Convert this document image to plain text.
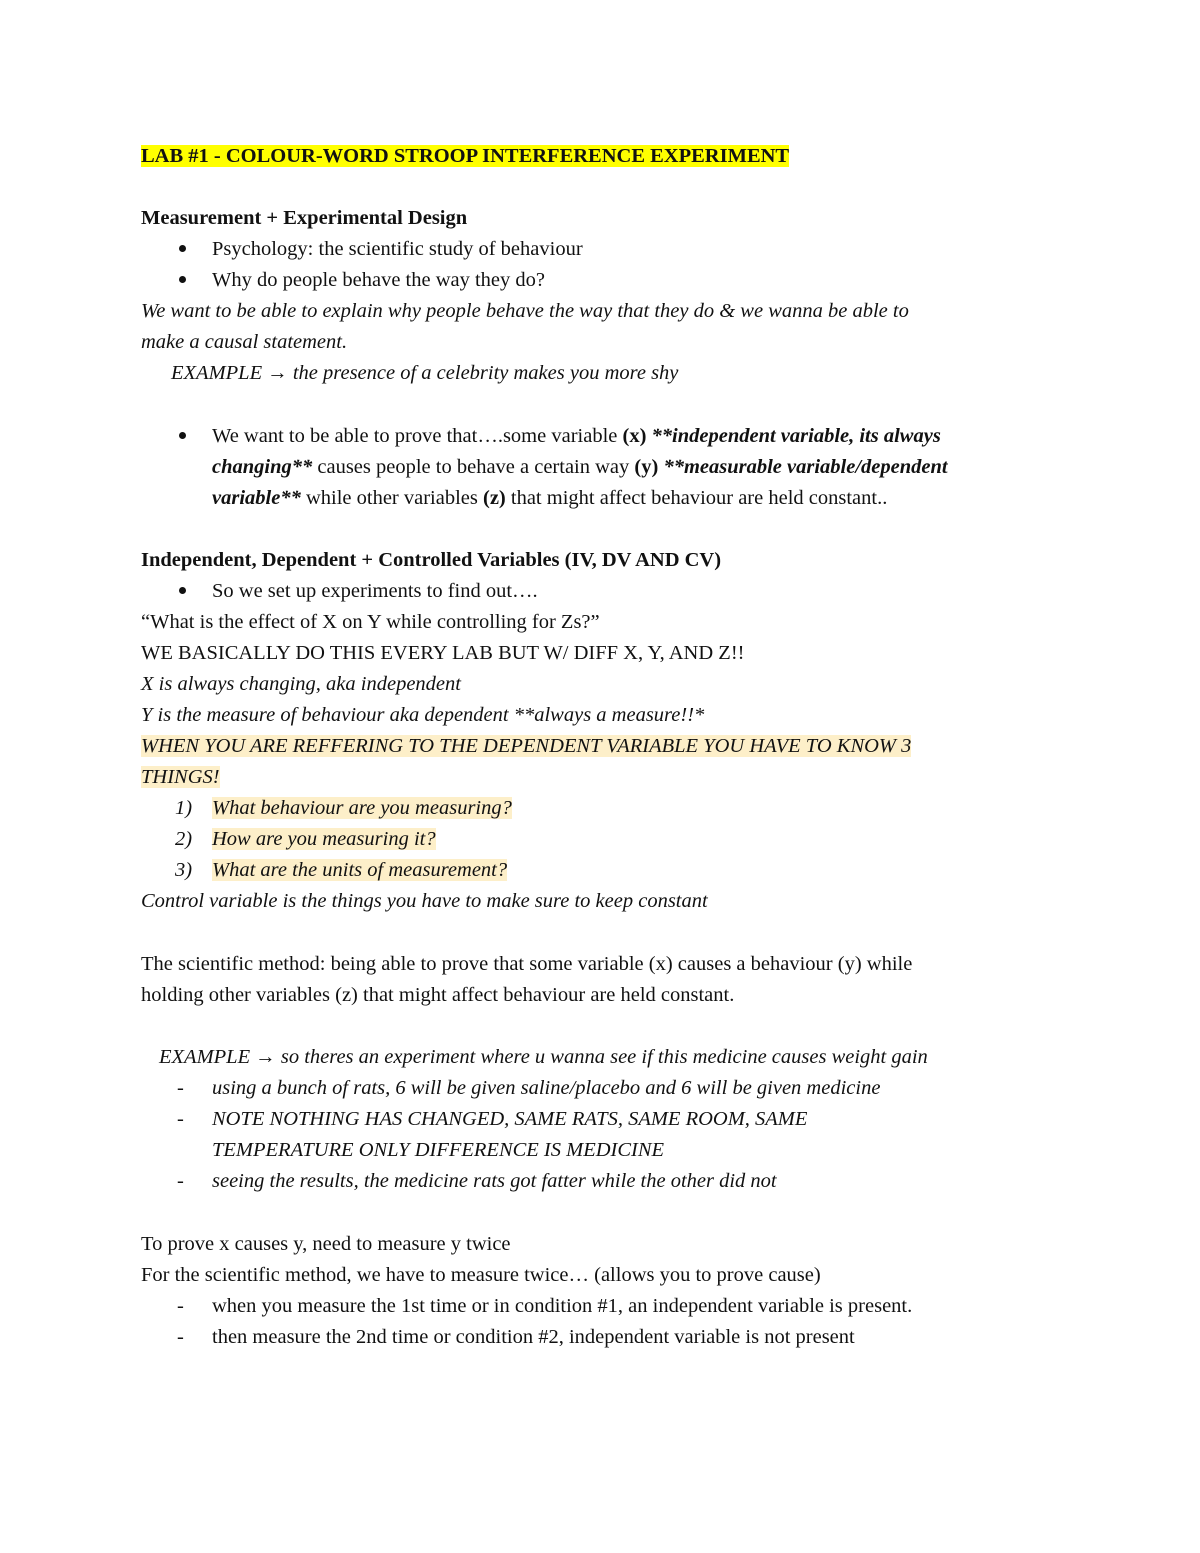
LAB #1 - COLOUR-WORD STROOP INTERFERENCE EXPERIMENT
Measurement + Experimental Design
Psychology: the scientific study of behaviour
Why do people behave the way they do?
We want to be able to explain why people behave the way that they do & we wanna be able to
make a causal statement.
EXAMPLE → the presence of a celebrity makes you more shy
We want to be able to prove that….some variable (x) **independent variable, its always
changing** causes people to behave a certain way (y) **measurable variable/dependent
variable** while other variables (z) that might affect behaviour are held constant..
Independent, Dependent + Controlled Variables (IV, DV AND CV)
So we set up experiments to find out….
“What is the effect of X on Y while controlling for Zs?”
WE BASICALLY DO THIS EVERY LAB BUT W/ DIFF X, Y, AND Z!!
X is always changing, aka independent
Y is the measure of behaviour aka dependent **always a measure!!*
WHEN YOU ARE REFFERING TO THE DEPENDENT VARIABLE YOU HAVE TO KNOW 3
THINGS!
1) What behaviour are you measuring?
2) How are you measuring it?
3) What are the units of measurement?
Control variable is the things you have to make sure to keep constant
The scientific method: being able to prove that some variable (x) causes a behaviour (y) while
holding other variables (z) that might affect behaviour are held constant.
EXAMPLE → so theres an experiment where u wanna see if this medicine causes weight gain
- using a bunch of rats, 6 will be given saline/placebo and 6 will be given medicine
- NOTE NOTHING HAS CHANGED, SAME RATS, SAME ROOM, SAME
TEMPERATURE ONLY DIFFERENCE IS MEDICINE
- seeing the results, the medicine rats got fatter while the other did not
To prove x causes y, need to measure y twice
For the scientific method, we have to measure twice… (allows you to prove cause)
- when you measure the 1st time or in condition #1, an independent variable is present.
- then measure the 2nd time or condition #2, independent variable is not present
